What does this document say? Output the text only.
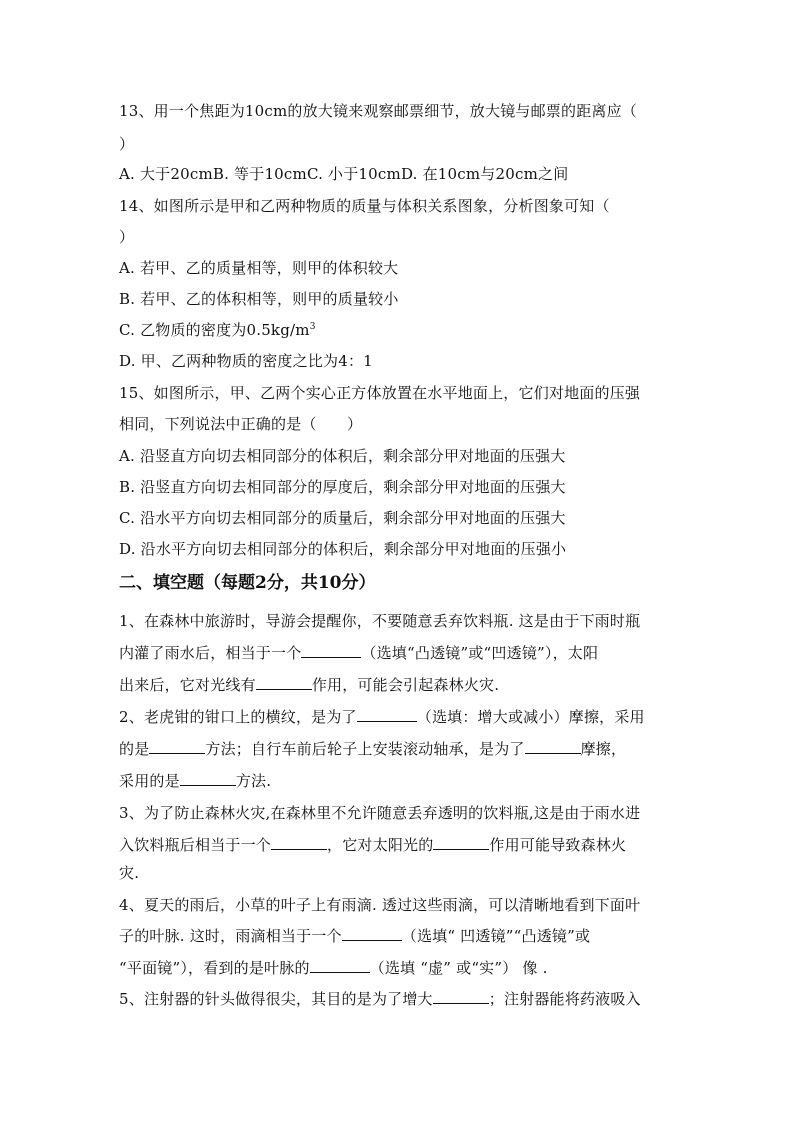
13、用一个焦距为10cm的放大镜来观察邮票细节，放大镜与邮票的距离应（
）
A. 大于20cmB. 等于10cmC. 小于10cmD. 在10cm与20cm之间
14、如图所示是甲和乙两种物质的质量与体积关系图象，分析图象可知（
）
A. 若甲、乙的质量相等，则甲的体积较大
B. 若甲、乙的体积相等，则甲的质量较小
C. 乙物质的密度为$0.5kg/m^3$
D. 甲、乙两种物质的密度之比为4：1
15、如图所示，甲、乙两个实心正方体放置在水平地面上，它们对地面的压强
相同，下列说法中正确的是（　　）
A. 沿竖直方向切去相同部分的体积后，剩余部分甲对地面的压强大
B. 沿竖直方向切去相同部分的厚度后，剩余部分甲对地面的压强大
C. 沿水平方向切去相同部分的质量后，剩余部分甲对地面的压强大
D. 沿水平方向切去相同部分的体积后，剩余部分甲对地面的压强小
二、填空题（每题2分，共10分）
1、在森林中旅游时，导游会提醒你，不要随意丢弃饮料瓶. 这是由于下雨时瓶
内灌了雨水后，相当于一个	（选填“凸透镜”或“凹透镜”），太阳
出来后，它对光线有	作用，可能会引起森林火灾.
2、老虎钳的钳口上的横纹，是为了	（选填：增大或减小）摩擦，采用
的是	方法；自行车前后轮子上安装滚动轴承，是为了	摩擦，
采用的是	方法.
3、为了防止森林火灾,在森林里不允许随意丢弃透明的饮料瓶,这是由于雨水进
入饮料瓶后相当于一个	，它对太阳光的	作用可能导致森林火
灾.
4、夏天的雨后，小草的叶子上有雨滴. 透过这些雨滴，可以清晰地看到下面叶
子的叶脉. 这时，雨滴相当于一个	（选填“ 凹透镜”“凸透镜”或
“平面镜”），看到的是叶脉的	（选填 “虚” 或“实”） 像 .
5、注射器的针头做得很尖，其目的是为了增大	；注射器能将药液吸入
